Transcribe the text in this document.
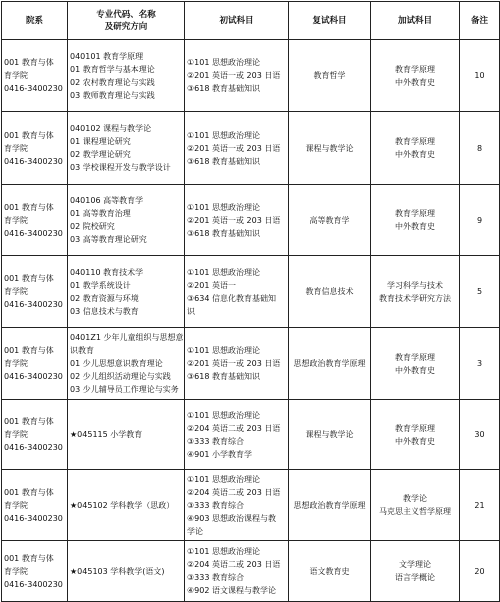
院系	专业代码、名称
及研究方向	初试科目	复试科目	加试科目	备注

001 教育与体
育学院
0416-3400230	040101 教育学原理
01 教育哲学与基本理论
02 农村教育理论与实践
03 教师教育理论与实践	①101 思想政治理论
②201 英语一或 203 日语
③618 教育基础知识	教育哲学	教育学原理
中外教育史	10

001 教育与体
育学院
0416-3400230	040102 课程与教学论
01 课程理论研究
02 教学理论研究
03 学校课程开发与教学设计	①101 思想政治理论
②201 英语一或 203 日语
③618 教育基础知识	课程与教学论	教育学原理
中外教育史	8

001 教育与体
育学院
0416-3400230	040106 高等教育学
01 高等教育治理
02 院校研究
03 高等教育理论研究	①101 思想政治理论
②201 英语一或 203 日语
③618 教育基础知识	高等教育学	教育学原理
中外教育史	9

001 教育与体
育学院
0416-3400230	040110 教育技术学
01 教学系统设计
02 教育资源与环境
03 信息技术与教育	①101 思想政治理论
②201 英语一
③634 信息化教育基础知
识	教育信息技术	学习科学与技术
教育技术学研究方法	5

001 教育与体
育学院
0416-3400230	0401Z1 少年儿童组织与思想意
识教育
01 少儿思想意识教育理论
02 少儿组织活动理论与实践
03 少儿辅导员工作理论与实务	①101 思想政治理论
②201 英语一或 203 日语
③618 教育基础知识	思想政治教育学原理	教育学原理
中外教育史	3

001 教育与体
育学院
0416-3400230	★045115 小学教育	①101 思想政治理论
②204 英语二或 203 日语
③333 教育综合
④901 小学教育学	课程与教学论	教育学原理
中外教育史	30

001 教育与体
育学院
0416-3400230	★045102 学科教学（思政）	①101 思想政治理论
②204 英语二或 203 日语
③333 教育综合
④903 思想政治课程与教
学论	思想政治教育学原理	教学论
马克思主义哲学原理	21

001 教育与体
育学院
0416-3400230	★045103 学科教学(语文)	①101 思想政治理论
②204 英语二或 203 日语
③333 教育综合
④902 语文课程与教学论	语文教育史	文学理论
语言学概论	20
